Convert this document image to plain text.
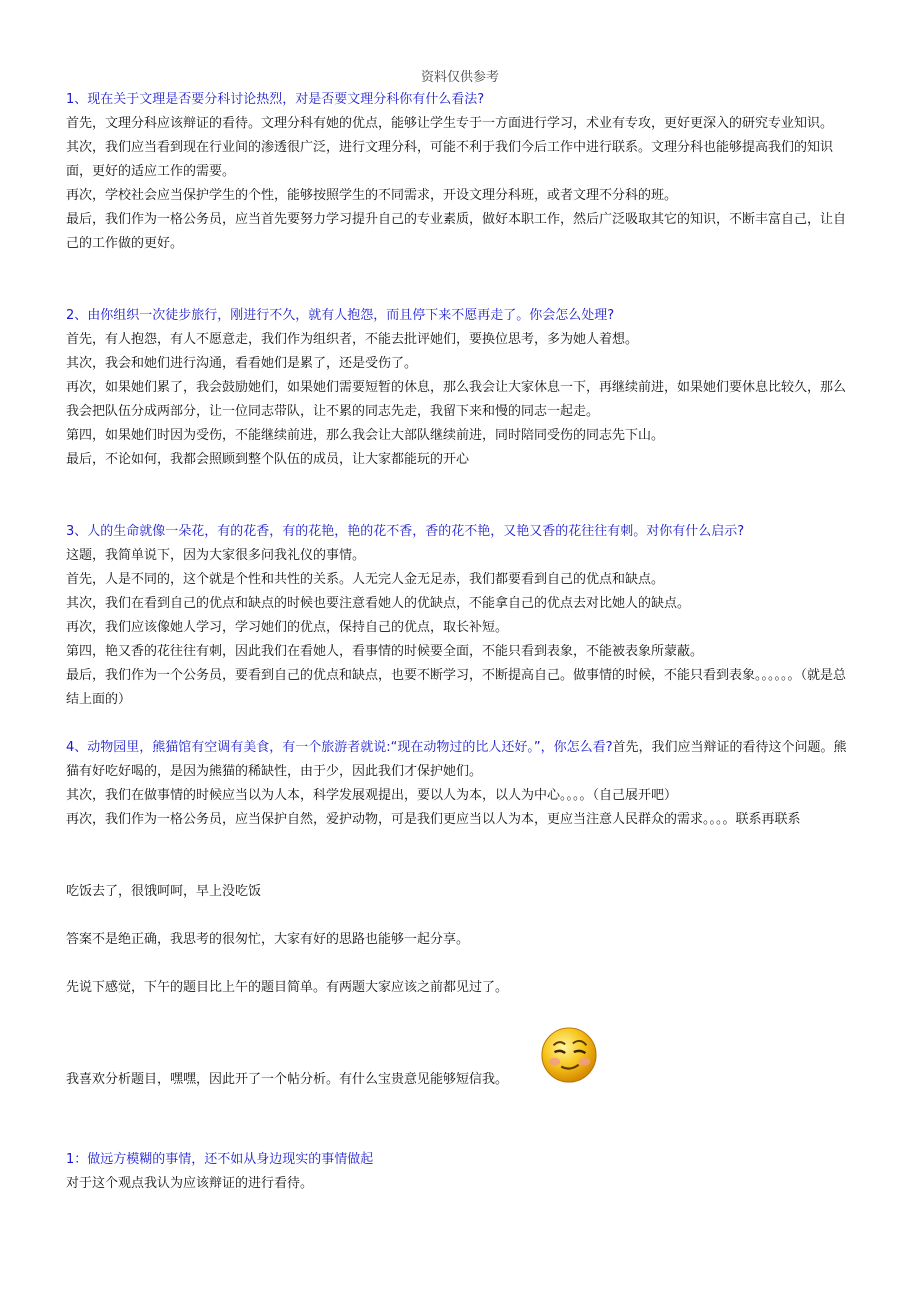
资料仅供参考

1、现在关于文理是否要分科讨论热烈，对是否要文理分科你有什么看法?

首先，文理分科应该辩证的看待。文理分科有她的优点，能够让学生专于一方面进行学习，术业有专攻，更好更深入的研究专业知识。

其次，我们应当看到现在行业间的渗透很广泛，进行文理分科，可能不利于我们今后工作中进行联系。文理分科也能够提高我们的知识面，更好的适应工作的需要。

再次，学校社会应当保护学生的个性，能够按照学生的不同需求，开设文理分科班，或者文理不分科的班。

最后，我们作为一格公务员，应当首先要努力学习提升自己的专业素质，做好本职工作，然后广泛吸取其它的知识，不断丰富自己，让自己的工作做的更好。

2、由你组织一次徒步旅行，刚进行不久，就有人抱怨，而且停下来不愿再走了。你会怎么处理?

首先，有人抱怨，有人不愿意走，我们作为组织者，不能去批评她们，要换位思考，多为她人着想。

其次，我会和她们进行沟通，看看她们是累了，还是受伤了。

再次，如果她们累了，我会鼓励她们，如果她们需要短暂的休息，那么我会让大家休息一下，再继续前进，如果她们要休息比较久，那么我会把队伍分成两部分，让一位同志带队，让不累的同志先走，我留下来和慢的同志一起走。

第四，如果她们时因为受伤，不能继续前进，那么我会让大部队继续前进，同时陪同受伤的同志先下山。

最后，不论如何，我都会照顾到整个队伍的成员，让大家都能玩的开心

3、人的生命就像一朵花，有的花香，有的花艳，艳的花不香，香的花不艳，又艳又香的花往往有刺。对你有什么启示?

这题，我简单说下，因为大家很多问我礼仪的事情。

首先，人是不同的，这个就是个性和共性的关系。人无完人金无足赤，我们都要看到自己的优点和缺点。

其次，我们在看到自己的优点和缺点的时候也要注意看她人的优缺点，不能拿自己的优点去对比她人的缺点。

再次，我们应该像她人学习，学习她们的优点，保持自己的优点，取长补短。

第四，艳又香的花往往有刺，因此我们在看她人，看事情的时候要全面，不能只看到表象，不能被表象所蒙蔽。

最后，我们作为一个公务员，要看到自己的优点和缺点，也要不断学习，不断提高自己。做事情的时候，不能只看到表象。。。。。。（就是总结上面的）

4、动物园里，熊猫馆有空调有美食，有一个旅游者就说:“现在动物过的比人还好。”，你怎么看?首先，我们应当辩证的看待这个问题。熊猫有好吃好喝的，是因为熊猫的稀缺性，由于少，因此我们才保护她们。

其次，我们在做事情的时候应当以为人本，科学发展观提出，要以人为本，以人为中心。。。。（自己展开吧）

再次，我们作为一格公务员，应当保护自然，爱护动物，可是我们更应当以人为本，更应当注意人民群众的需求。。。。联系再联系

吃饭去了，很饿呵呵，早上没吃饭

答案不是绝正确，我思考的很匆忙，大家有好的思路也能够一起分享。

先说下感觉，下午的题目比上午的题目简单。有两题大家应该之前都见过了。

我喜欢分析题目，嘿嘿，因此开了一个帖分析。有什么宝贵意见能够短信我。

1：做远方模糊的事情，还不如从身边现实的事情做起

对于这个观点我认为应该辩证的进行看待。
